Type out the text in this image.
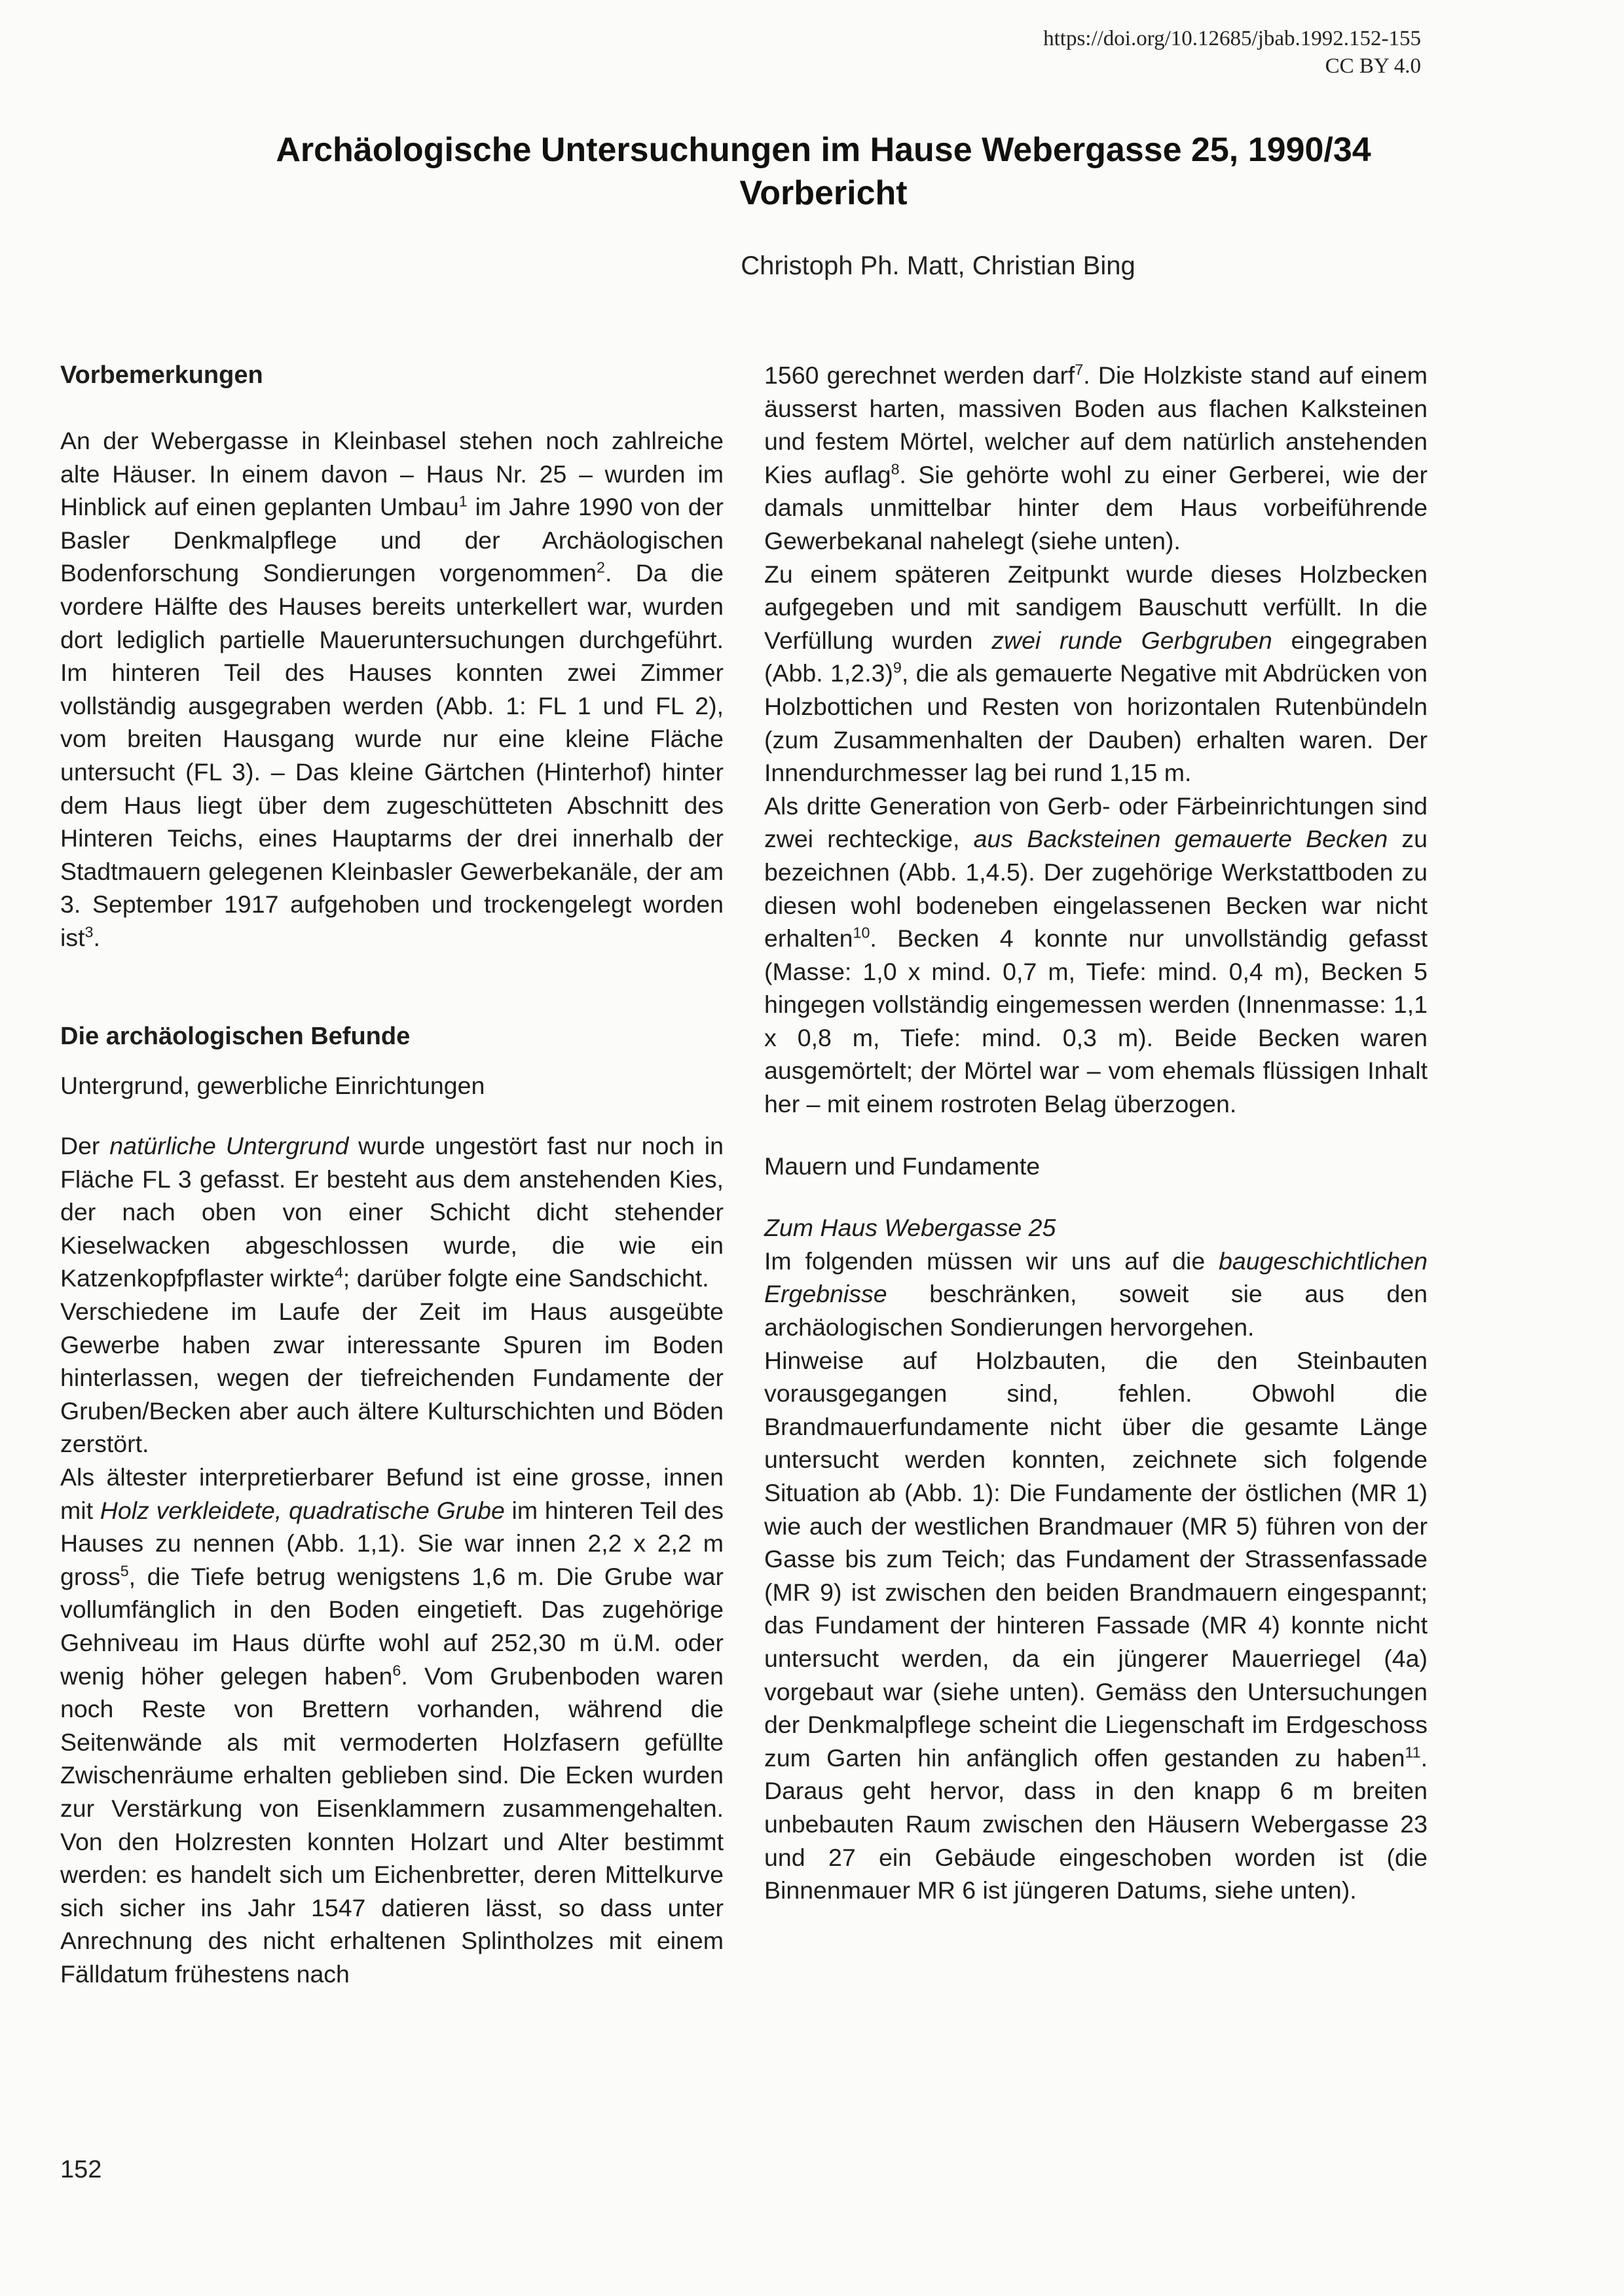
https://doi.org/10.12685/jbab.1992.152-155
CC BY 4.0
Archäologische Untersuchungen im Hause Webergasse 25, 1990/34
Vorbericht
Christoph Ph. Matt, Christian Bing
Vorbemerkungen

An der Webergasse in Kleinbasel stehen noch zahlreiche alte Häuser. In einem davon – Haus Nr. 25 – wurden im Hinblick auf einen geplanten Umbau$^1$ im Jahre 1990 von der Basler Denkmalpflege und der Archäologischen Bodenforschung Sondierungen vorgenommen$^2$. Da die vordere Hälfte des Hauses bereits unterkellert war, wurden dort lediglich partielle Maueruntersuchungen durchgeführt. Im hinteren Teil des Hauses konnten zwei Zimmer vollständig ausgegraben werden (Abb. 1: FL 1 und FL 2), vom breiten Hausgang wurde nur eine kleine Fläche untersucht (FL 3). – Das kleine Gärtchen (Hinterhof) hinter dem Haus liegt über dem zugeschütteten Abschnitt des Hinteren Teichs, eines Hauptarms der drei innerhalb der Stadtmauern gelegenen Kleinbasler Gewerbekanäle, der am 3. September 1917 aufgehoben und trockengelegt worden ist$^3$.

Die archäologischen Befunde

Untergrund, gewerbliche Einrichtungen

Der natürliche Untergrund wurde ungestört fast nur noch in Fläche FL 3 gefasst. Er besteht aus dem anstehenden Kies, der nach oben von einer Schicht dicht stehender Kieselwacken abgeschlossen wurde, die wie ein Katzenkopfpflaster wirkte$^4$; darüber folgte eine Sandschicht.

Verschiedene im Laufe der Zeit im Haus ausgeübte Gewerbe haben zwar interessante Spuren im Boden hinterlassen, wegen der tiefreichenden Fundamente der Gruben/Becken aber auch ältere Kulturschichten und Böden zerstört.

Als ältester interpretierbarer Befund ist eine grosse, innen mit Holz verkleidete, quadratische Grube im hinteren Teil des Hauses zu nennen (Abb. 1,1). Sie war innen 2,2 x 2,2 m gross$^5$, die Tiefe betrug wenigstens 1,6 m. Die Grube war vollumfänglich in den Boden eingetieft. Das zugehörige Gehniveau im Haus dürfte wohl auf 252,30 m ü.M. oder wenig höher gelegen haben$^6$. Vom Grubenboden waren noch Reste von Brettern vorhanden, während die Seitenwände als mit vermoderten Holzfasern gefüllte Zwischenräume erhalten geblieben sind. Die Ecken wurden zur Verstärkung von Eisenklammern zusammengehalten. Von den Holzresten konnten Holzart und Alter bestimmt werden: es handelt sich um Eichenbretter, deren Mittelkurve sich sicher ins Jahr 1547 datieren lässt, so dass unter Anrechnung des nicht erhaltenen Splintholzes mit einem Fälldatum frühestens nach

1560 gerechnet werden darf$^7$. Die Holzkiste stand auf einem äusserst harten, massiven Boden aus flachen Kalksteinen und festem Mörtel, welcher auf dem natürlich anstehenden Kies auflag$^8$. Sie gehörte wohl zu einer Gerberei, wie der damals unmittelbar hinter dem Haus vorbeiführende Gewerbekanal nahelegt (siehe unten).

Zu einem späteren Zeitpunkt wurde dieses Holzbecken aufgegeben und mit sandigem Bauschutt verfüllt. In die Verfüllung wurden zwei runde Gerbgruben eingegraben (Abb. 1,2.3)$^9$, die als gemauerte Negative mit Abdrücken von Holzbottichen und Resten von horizontalen Rutenbündeln (zum Zusammenhalten der Dauben) erhalten waren. Der Innendurchmesser lag bei rund 1,15 m.

Als dritte Generation von Gerb- oder Färbeinrichtungen sind zwei rechteckige, aus Backsteinen gemauerte Becken zu bezeichnen (Abb. 1,4.5). Der zugehörige Werkstattboden zu diesen wohl bodeneben eingelassenen Becken war nicht erhalten$^{10}$. Becken 4 konnte nur unvollständig gefasst (Masse: 1,0 x mind. 0,7 m, Tiefe: mind. 0,4 m), Becken 5 hingegen vollständig eingemessen werden (Innenmasse: 1,1 x 0,8 m, Tiefe: mind. 0,3 m). Beide Becken waren ausgemörtelt; der Mörtel war – vom ehemals flüssigen Inhalt her – mit einem rostroten Belag überzogen.

Mauern und Fundamente

Zum Haus Webergasse 25

Im folgenden müssen wir uns auf die baugeschichtlichen Ergebnisse beschränken, soweit sie aus den archäologischen Sondierungen hervorgehen.

Hinweise auf Holzbauten, die den Steinbauten vorausgegangen sind, fehlen. Obwohl die Brandmauerfundamente nicht über die gesamte Länge untersucht werden konnten, zeichnete sich folgende Situation ab (Abb. 1): Die Fundamente der östlichen (MR 1) wie auch der westlichen Brandmauer (MR 5) führen von der Gasse bis zum Teich; das Fundament der Strassenfassade (MR 9) ist zwischen den beiden Brandmauern eingespannt; das Fundament der hinteren Fassade (MR 4) konnte nicht untersucht werden, da ein jüngerer Mauerriegel (4a) vorgebaut war (siehe unten). Gemäss den Untersuchungen der Denkmalpflege scheint die Liegenschaft im Erdgeschoss zum Garten hin anfänglich offen gestanden zu haben$^{11}$. Daraus geht hervor, dass in den knapp 6 m breiten unbebauten Raum zwischen den Häusern Webergasse 23 und 27 ein Gebäude eingeschoben worden ist (die Binnenmauer MR 6 ist jüngeren Datums, siehe unten).

152
